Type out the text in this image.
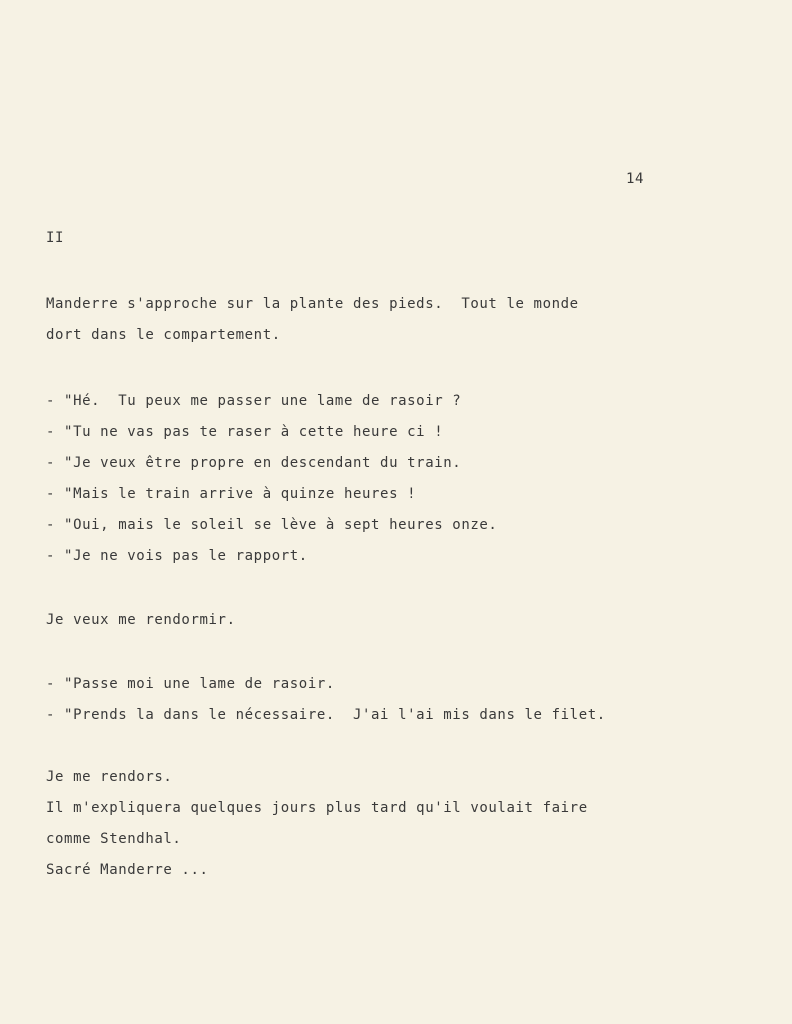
14
II
Manderre s'approche sur la plante des pieds.  Tout le monde
dort dans le compartement.
- "Hé.  Tu peux me passer une lame de rasoir ?
- "Tu ne vas pas te raser à cette heure ci !
- "Je veux être propre en descendant du train.
- "Mais le train arrive à quinze heures !
- "Oui, mais le soleil se lève à sept heures onze.
- "Je ne vois pas le rapport.
Je veux me rendormir.
- "Passe moi une lame de rasoir.
- "Prends la dans le nécessaire.  J'ai l'ai mis dans le filet.
Je me rendors.
Il m'expliquera quelques jours plus tard qu'il voulait faire
comme Stendhal.
Sacré Manderre ...
